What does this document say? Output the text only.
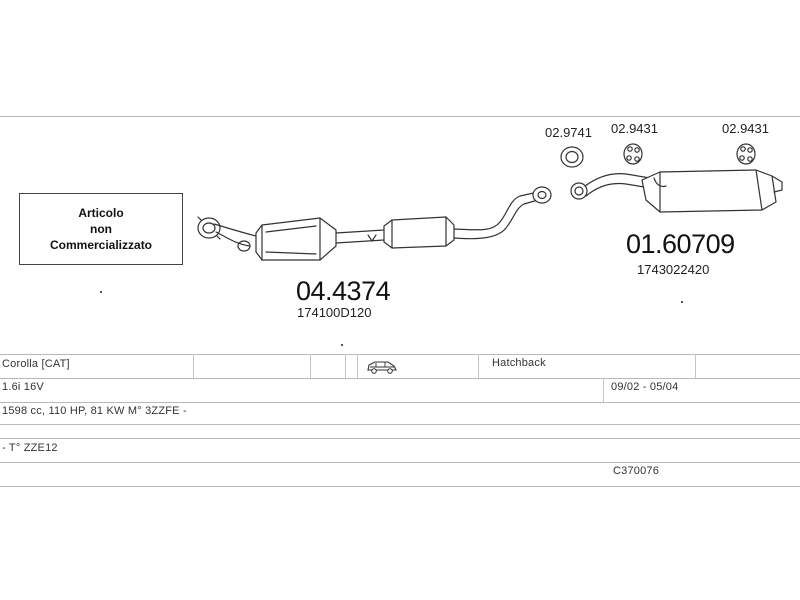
Articolo
non
Commercializzato
04.4374
174100D120
01.60709
1743022420
02.9741 02.9431	02.9431
Corolla [CAT]	Hatchback
1.6i 16V	09/02 - 05/04
1598 cc, 110 HP, 81 KW M° 3ZZFE -
- T° ZZE12
C370076
